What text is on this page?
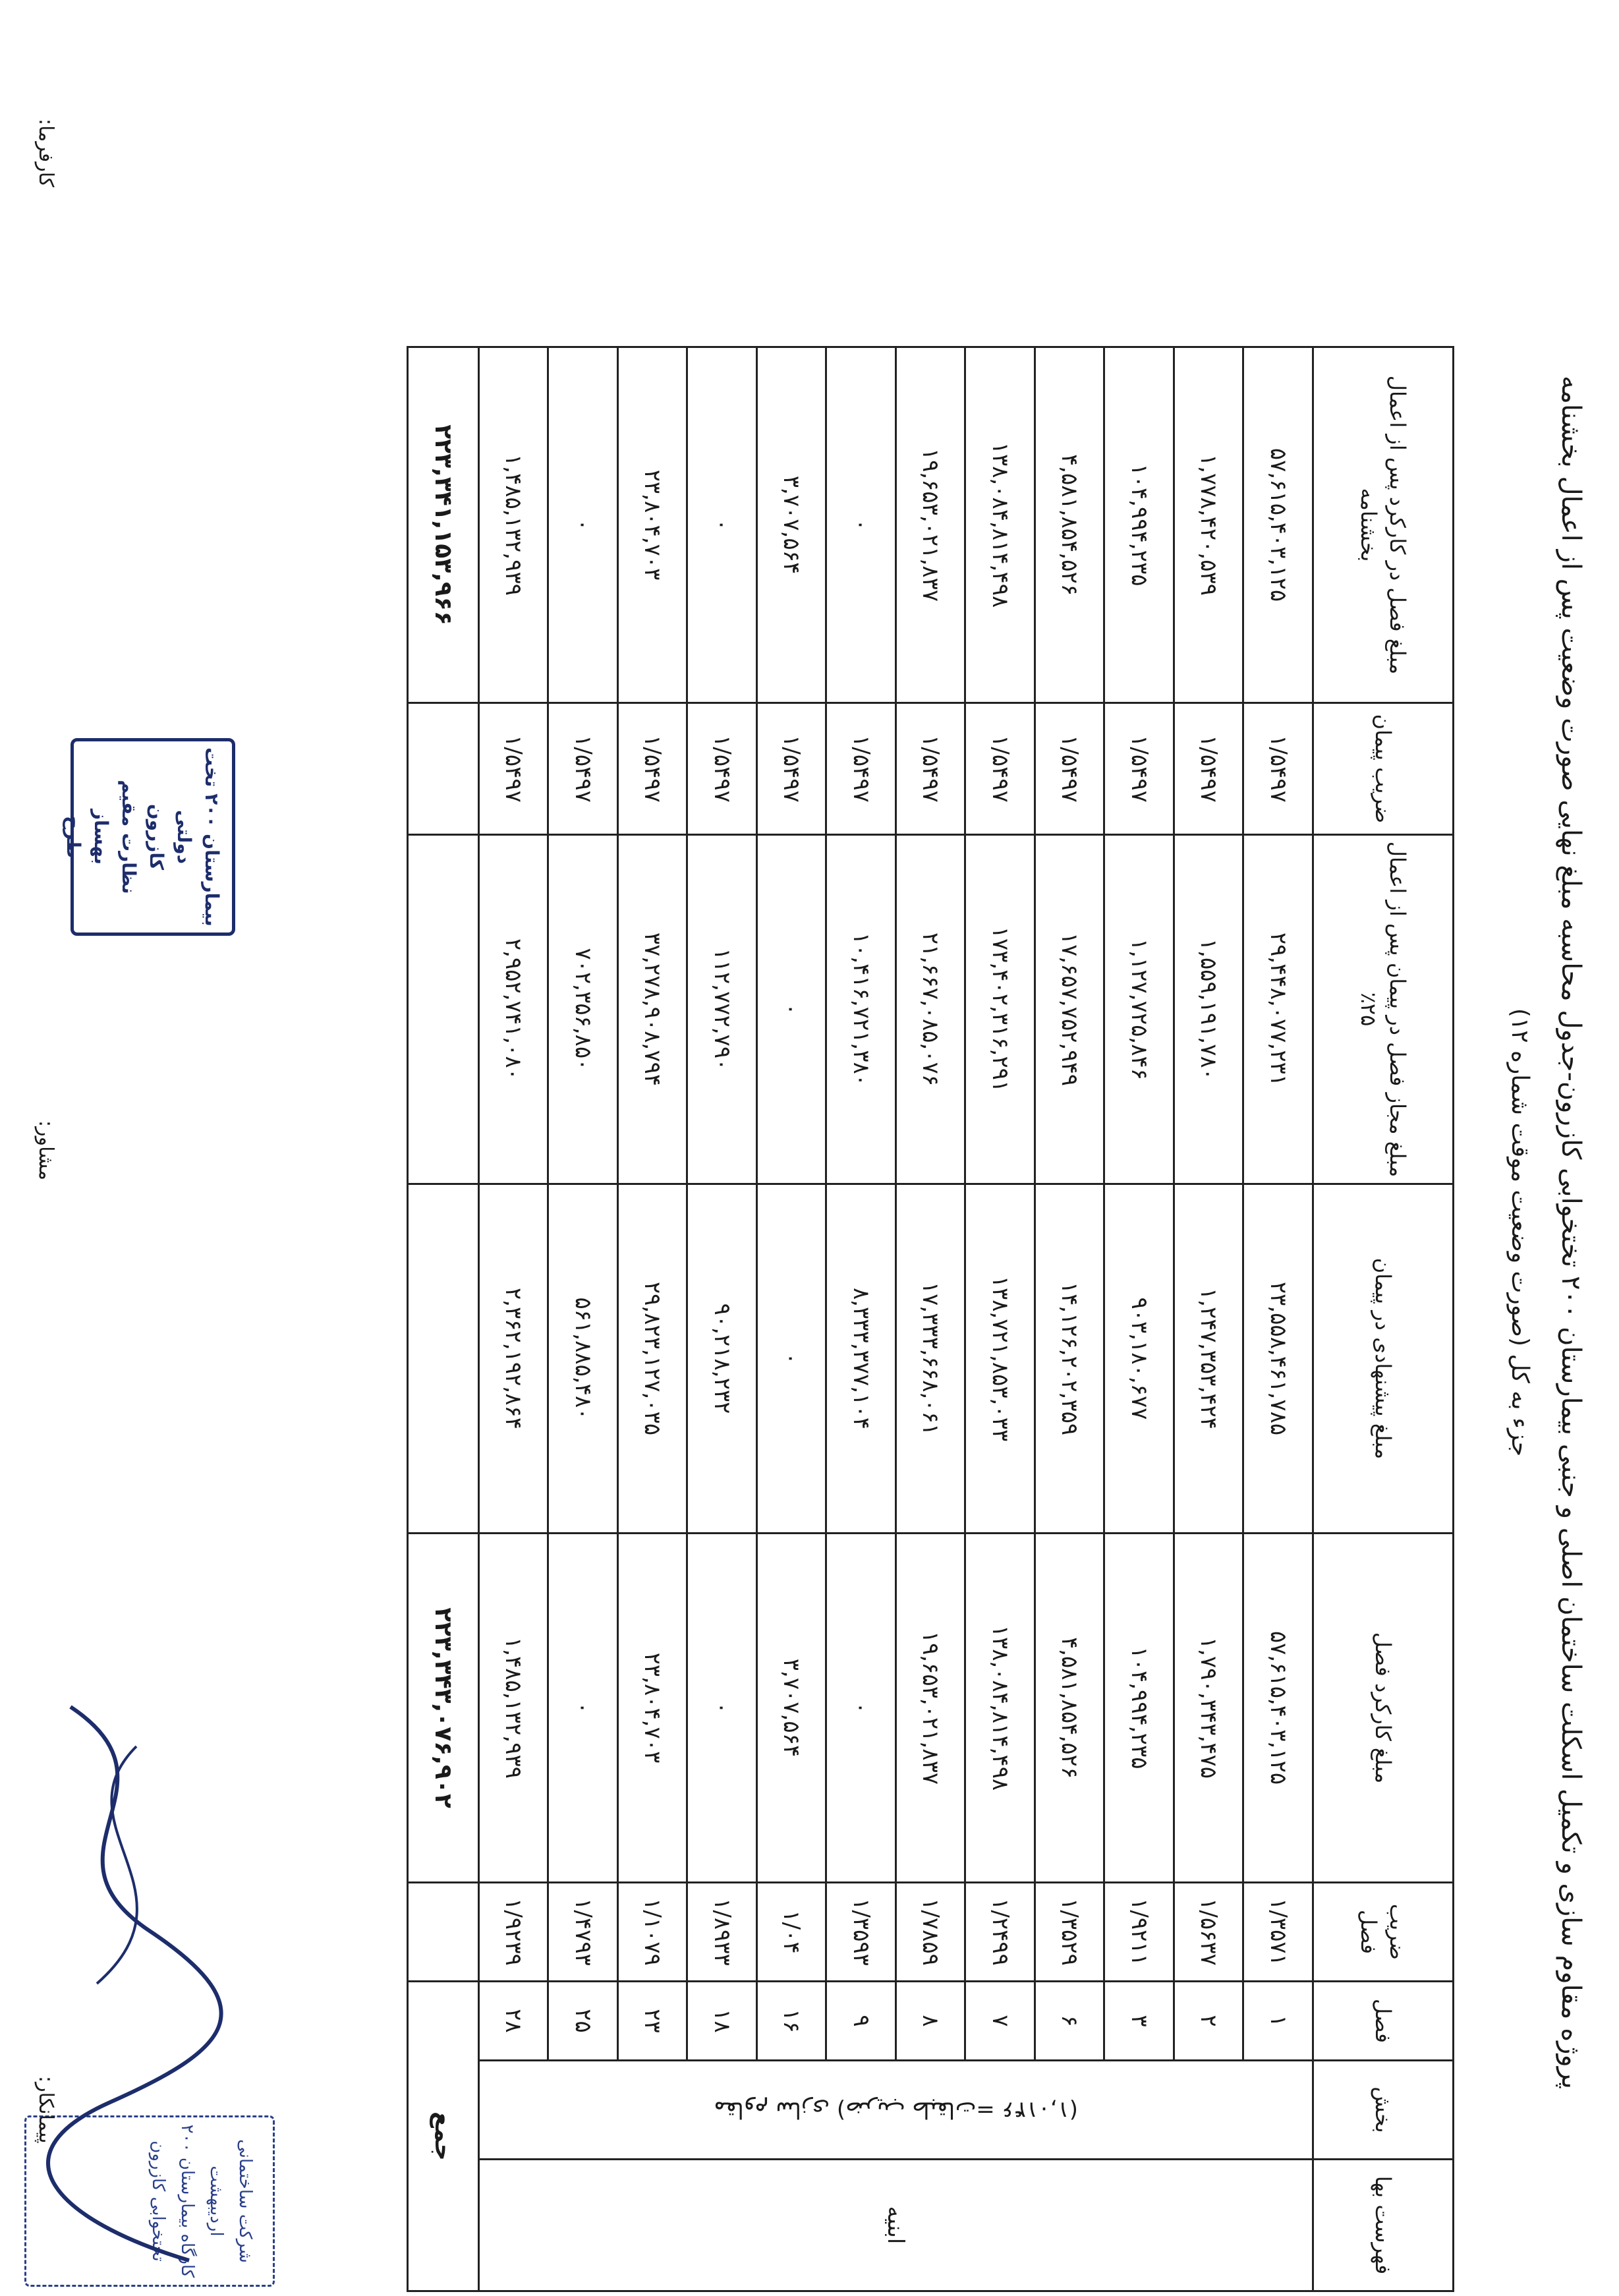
پروژه مقاوم سازی و تکمیل اسکلت ساختمان اصلی و جنبی بیمارستان ۲۰۰ تختخوابی کازرون-جدول محاسبه مبلغ نهایی صورت وضعیت پس از اعمال بخشنامه
جزء به کل (صورت وضعیت موقت شماره ۱۲)
فهرست بها	بخش	فصل	ضریب فصل	مبلغ کارکرد فصل	مبلغ پیشنهادی در پیمان	مبلغ مجاز فصل در پیمان پس از اعمال ۲۵٪	ضریب پیمان	مبلغ فصل در کارکرد پس از اعمال بخشنامه
ابنیه	مقاوم سازی (ضریب طبقات= ۱,۰۱۴۶)	۱	۱/۳۵۷۱	۵۷,۶۱۵,۴۰۳,۱۲۵	۲۳,۵۵۸,۴۶۱,۷۸۵	۲۹,۴۴۸,۰۷۷,۲۳۱	۱/۵۴۹۷	۵۷,۶۱۵,۴۰۳,۱۲۵
		۲	۱/۵۶۳۷	۱,۷۹۰,۳۴۳,۴۷۵	۱,۲۴۷,۳۵۳,۴۲۴	۱,۵۵۹,۱۹۱,۷۸۰	۱/۵۴۹۷	۱,۷۷۸,۴۲۰,۵۳۹
		۳	۱/۹۲۱۱	۱۰۴,۹۹۴,۲۳۵	۹۰۳,۱۸۰,۶۷۷	۱,۱۲۷,۷۲۵,۸۴۶	۱/۵۴۹۷	۱۰۴,۹۹۴,۲۳۵
		۶	۱/۳۵۲۹	۴,۵۸۱,۸۵۴,۵۲۶	۱۴,۱۲۶,۲۰۲,۳۵۹	۱۷,۶۵۷,۷۵۲,۹۴۹	۱/۵۴۹۷	۴,۵۸۱,۸۵۴,۵۲۶
		۷	۱/۲۴۹۹	۱۳۸,۰۸۴,۸۱۴,۴۹۸	۱۳۸,۷۲۱,۸۵۳,۰۳۳	۱۷۳,۴۰۲,۳۱۶,۲۹۱	۱/۵۴۹۷	۱۳۸,۰۸۴,۸۱۴,۴۹۸
		۸	۱/۷۸۵۹	۱۹,۶۵۳,۰۲۱,۸۳۷	۱۷,۳۳۳,۶۶۸,۰۶۱	۲۱,۶۶۷,۰۸۵,۰۷۶	۱/۵۴۹۷	۱۹,۶۵۳,۰۲۱,۸۳۷
		۹	۱/۳۵۹۳	۰	۸,۳۳۳,۳۷۷,۱۰۴	۱۰,۴۱۶,۷۲۱,۳۸۰	۱/۵۴۹۷	۰
		۱۶	۱/۰۴	۳,۷۰۷,۵۶۴	۰	۰	۱/۵۴۹۷	۳,۷۰۷,۵۶۴
		۱۸	۱/۸۹۳۳	۰	۹۰,۲۱۸,۲۳۲	۱۱۲,۷۷۲,۷۹۰	۱/۵۴۹۷	۰
		۲۳	۱/۱۰۷۹	۲۳,۸۰۴,۷۰۳	۲۹,۸۲۳,۱۲۷,۰۳۵	۳۷,۲۷۸,۹۰۸,۷۹۴	۱/۵۴۹۷	۲۳,۸۰۴,۷۰۳
		۲۵	۱/۴۷۹۳	۰	۵۶۱,۸۸۵,۴۸۰	۷۰۲,۳۵۶,۸۵۰	۱/۵۴۹۷	۰
		۲۸	۱/۹۲۳۹	۱,۴۸۵,۱۳۲,۹۳۹	۲,۳۶۲,۱۹۲,۸۶۴	۲,۹۵۲,۷۴۱,۰۸۰	۱/۵۴۹۷	۱,۴۸۵,۱۳۲,۹۳۹
جمع				۲۲۳,۳۴۳,۰۷۶,۹۰۲				۲۲۳,۳۴۱,۱۵۳,۹۶۶
بیمارستان ۲۰۰ تخت دولتی
کازرون
نظارت مقیم
بهساز
طرح
شرکت ساختمانی اردیبهشت
کارگاه بیمارستان ۲۰۰ تختخوابی کازرون
پیمانکار:
مشاور:
کارفرما:
